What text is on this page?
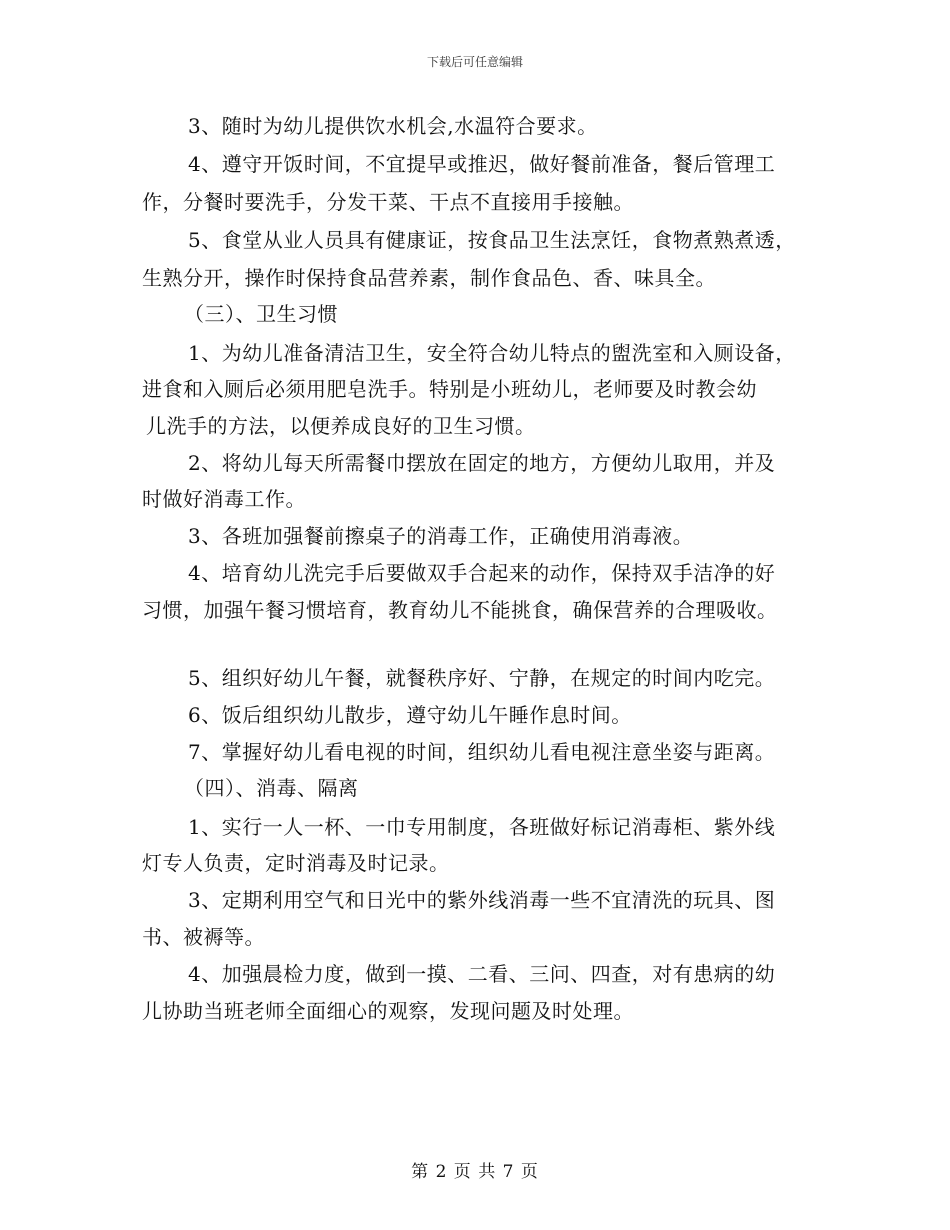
下载后可任意编辑
3、随时为幼儿提供饮水机会,水温符合要求。
4、遵守开饭时间，不宜提早或推迟，做好餐前准备，餐后管理工
作，分餐时要洗手，分发干菜、干点不直接用手接触。
5、食堂从业人员具有健康证，按食品卫生法烹饪，食物煮熟煮透，
生熟分开，操作时保持食品营养素，制作食品色、香、味具全。
（三）、卫生习惯
1、为幼儿准备清洁卫生，安全符合幼儿特点的盥洗室和入厕设备，
进食和入厕后必须用肥皂洗手。特别是小班幼儿，老师要及时教会幼
儿洗手的方法，以便养成良好的卫生习惯。
2、将幼儿每天所需餐巾摆放在固定的地方，方便幼儿取用，并及
时做好消毒工作。
3、各班加强餐前擦桌子的消毒工作，正确使用消毒液。
4、培育幼儿洗完手后要做双手合起来的动作，保持双手洁净的好
习惯，加强午餐习惯培育，教育幼儿不能挑食，确保营养的合理吸收。
5、组织好幼儿午餐，就餐秩序好、宁静，在规定的时间内吃完。
6、饭后组织幼儿散步，遵守幼儿午睡作息时间。
7、掌握好幼儿看电视的时间，组织幼儿看电视注意坐姿与距离。
（四）、消毒、隔离
1、实行一人一杯、一巾专用制度，各班做好标记消毒柜、紫外线
灯专人负责，定时消毒及时记录。
3、定期利用空气和日光中的紫外线消毒一些不宜清洗的玩具、图
书、被褥等。
4、加强晨检力度，做到一摸、二看、三问、四查，对有患病的幼
儿协助当班老师全面细心的观察，发现问题及时处理。
第 2 页 共 7 页
